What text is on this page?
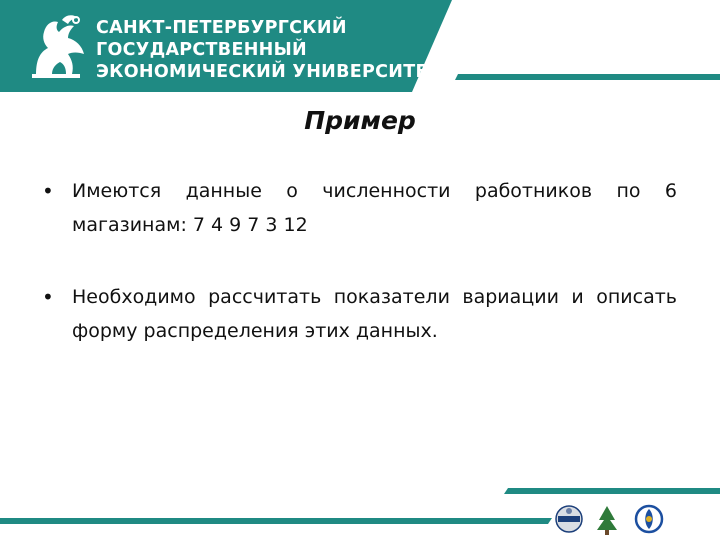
САНКТ-ПЕТЕРБУРГСКИЙ
ГОСУДАРСТВЕННЫЙ
ЭКОНОМИЧЕСКИЙ УНИВЕРСИТЕТ
Пример
• Имеются данные о численности работников по 6 магазинам: 7 4 9 7 3 12
• Необходимо рассчитать показатели вариации и описать форму распределения этих данных.
